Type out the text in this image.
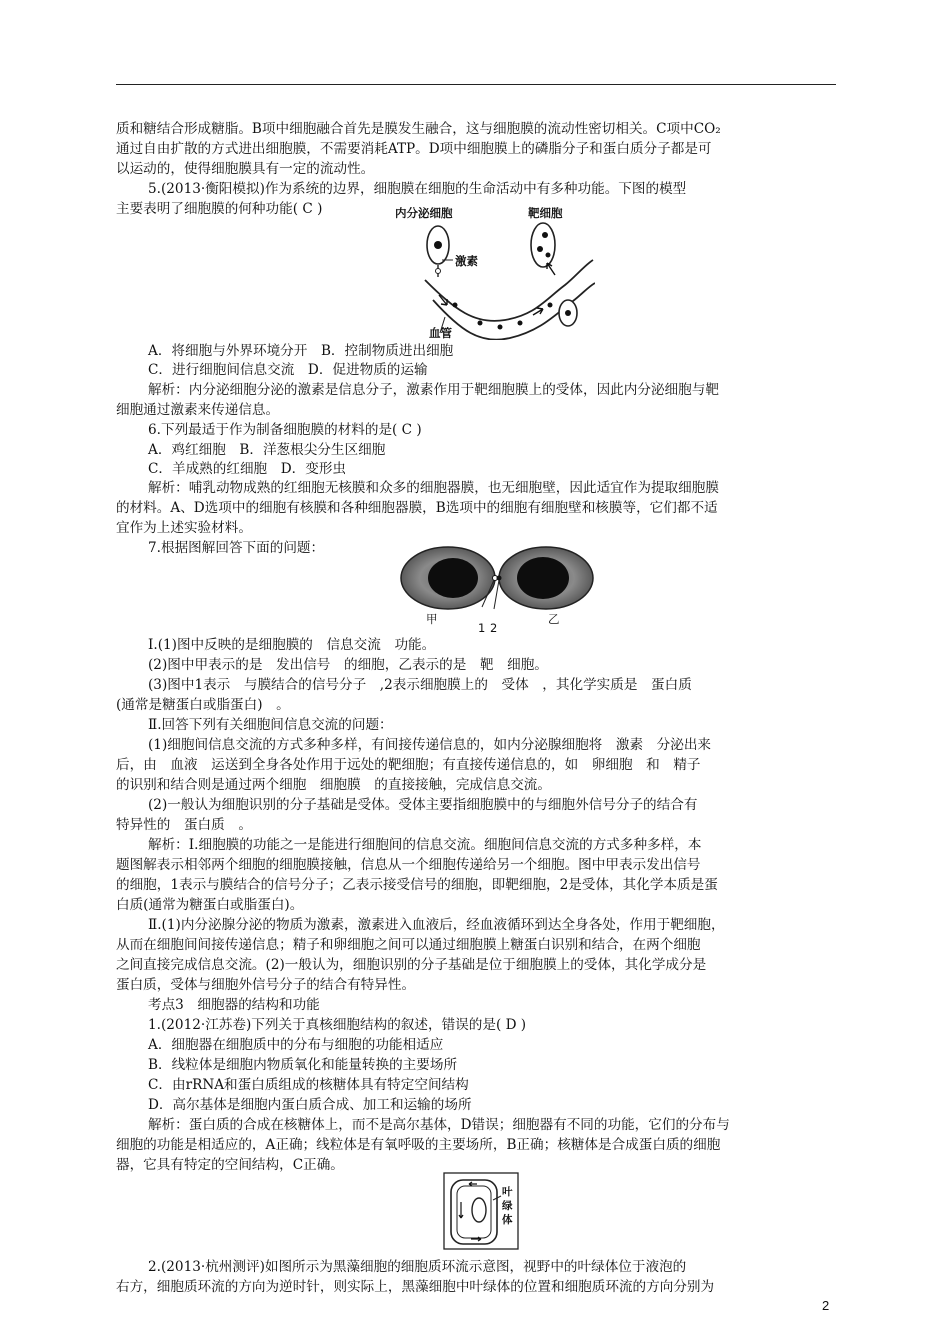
质和糖结合形成糖脂。B项中细胞融合首先是膜发生融合，这与细胞膜的流动性密切相关。C项中CO₂
通过自由扩散的方式进出细胞膜，不需要消耗ATP。D项中细胞膜上的磷脂分子和蛋白质分子都是可
以运动的，使得细胞膜具有一定的流动性。
5.(2013·衡阳模拟)作为系统的边界，细胞膜在细胞的生命活动中有多种功能。下图的模型
主要表明了细胞膜的何种功能( C )	内分泌细胞	靶细胞
激素
血管
A．将细胞与外界环境分开　B．控制物质进出细胞
C．进行细胞间信息交流　D．促进物质的运输
解析：内分泌细胞分泌的激素是信息分子，激素作用于靶细胞膜上的受体，因此内分泌细胞与靶
细胞通过激素来传递信息。
6.下列最适于作为制备细胞膜的材料的是( C )
A．鸡红细胞　B．洋葱根尖分生区细胞
C．羊成熟的红细胞　D．变形虫
解析：哺乳动物成熟的红细胞无核膜和众多的细胞器膜，也无细胞壁，因此适宜作为提取细胞膜
的材料。A、D选项中的细胞有核膜和各种细胞器膜，B选项中的细胞有细胞壁和核膜等，它们都不适
宜作为上述实验材料。
7.根据图解回答下面的问题：
甲	乙
1 2
Ⅰ.(1)图中反映的是细胞膜的　信息交流　功能。
(2)图中甲表示的是　发出信号　的细胞，乙表示的是　靶　细胞。
(3)图中1表示　与膜结合的信号分子　,2表示细胞膜上的　受体　，其化学实质是　蛋白质
(通常是糖蛋白或脂蛋白)　。
Ⅱ.回答下列有关细胞间信息交流的问题：
(1)细胞间信息交流的方式多种多样，有间接传递信息的，如内分泌腺细胞将　激素　分泌出来
后，由　血液　运送到全身各处作用于远处的靶细胞；有直接传递信息的，如　卵细胞　和　精子
的识别和结合则是通过两个细胞　细胞膜　的直接接触，完成信息交流。
(2)一般认为细胞识别的分子基础是受体。受体主要指细胞膜中的与细胞外信号分子的结合有
特异性的　蛋白质　。
解析：Ⅰ.细胞膜的功能之一是能进行细胞间的信息交流。细胞间信息交流的方式多种多样，本
题图解表示相邻两个细胞的细胞膜接触，信息从一个细胞传递给另一个细胞。图中甲表示发出信号
的细胞，1表示与膜结合的信号分子；乙表示接受信号的细胞，即靶细胞，2是受体，其化学本质是蛋
白质(通常为糖蛋白或脂蛋白)。
Ⅱ.(1)内分泌腺分泌的物质为激素，激素进入血液后，经血液循环到达全身各处，作用于靶细胞，
从而在细胞间间接传递信息；精子和卵细胞之间可以通过细胞膜上糖蛋白识别和结合，在两个细胞
之间直接完成信息交流。(2)一般认为，细胞识别的分子基础是位于细胞膜上的受体，其化学成分是
蛋白质，受体与细胞外信号分子的结合有特异性。
考点3　细胞器的结构和功能
1.(2012·江苏卷)下列关于真核细胞结构的叙述，错误的是( D )
A．细胞器在细胞质中的分布与细胞的功能相适应
B．线粒体是细胞内物质氧化和能量转换的主要场所
C．由rRNA和蛋白质组成的核糖体具有特定空间结构
D．高尔基体是细胞内蛋白质合成、加工和运输的场所
解析：蛋白质的合成在核糖体上，而不是高尔基体，D错误；细胞器有不同的功能，它们的分布与
细胞的功能是相适应的，A正确；线粒体是有氧呼吸的主要场所，B正确；核糖体是合成蛋白质的细胞
器，它具有特定的空间结构，C正确。
叶
绿
体
2.(2013·杭州测评)如图所示为黑藻细胞的细胞质环流示意图，视野中的叶绿体位于液泡的
右方，细胞质环流的方向为逆时针，则实际上，黑藻细胞中叶绿体的位置和细胞质环流的方向分别为
2
